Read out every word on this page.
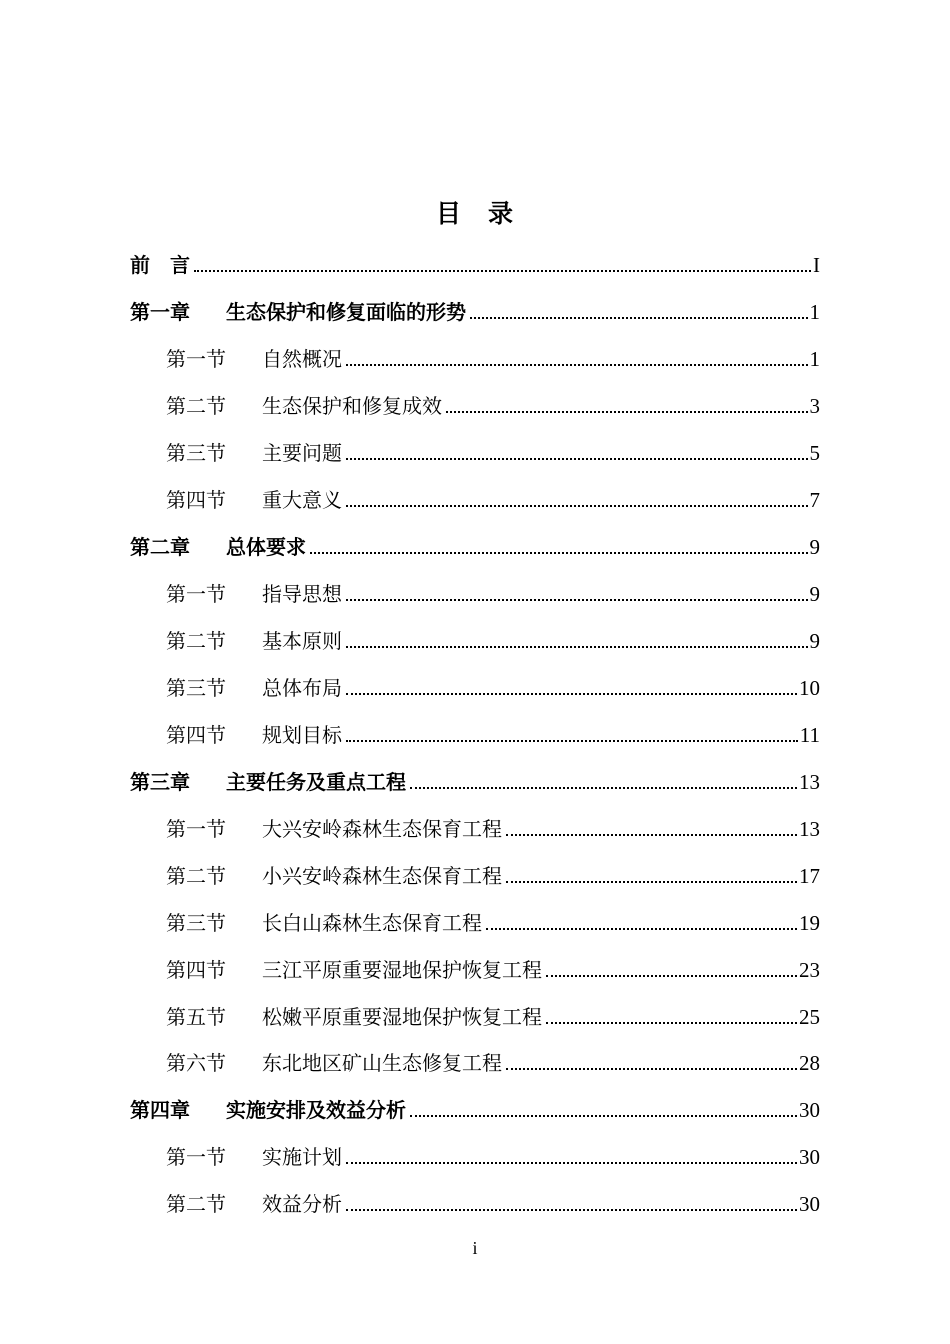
目　录
前　言	I
第一章	生态保护和修复面临的形势	1
第一节	自然概况	1
第二节	生态保护和修复成效	3
第三节	主要问题	5
第四节	重大意义	7
第二章	总体要求	9
第一节	指导思想	9
第二节	基本原则	9
第三节	总体布局	10
第四节	规划目标	11
第三章	主要任务及重点工程	13
第一节	大兴安岭森林生态保育工程	13
第二节	小兴安岭森林生态保育工程	17
第三节	长白山森林生态保育工程	19
第四节	三江平原重要湿地保护恢复工程	23
第五节	松嫩平原重要湿地保护恢复工程	25
第六节	东北地区矿山生态修复工程	28
第四章	实施安排及效益分析	30
第一节	实施计划	30
第二节	效益分析	30
i
